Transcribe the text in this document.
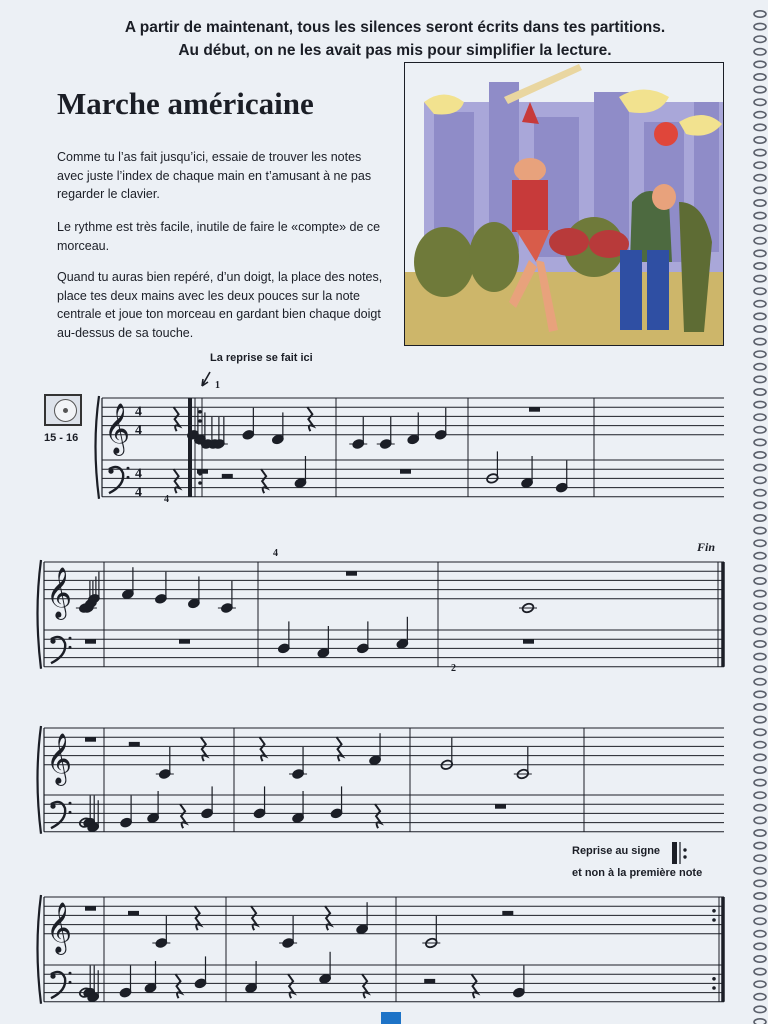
A partir de maintenant, tous les silences seront écrits dans tes partitions.
Au début, on ne les avait pas mis pour simplifier la lecture.
Marche américaine
Comme tu l’as fait jusqu’ici, essaie de trouver les notes avec juste l’index de chaque main en t’amusant à ne pas regarder le clavier.
Le rythme est très facile, inutile de faire le «compte» de ce morceau.
Quand tu auras bien repéré, d’un doigt, la place des notes, place tes deux mains avec les deux pouces sur la note centrale et joue ton morceau en gardant bien chaque doigt au-dessus de sa touche.
La reprise se fait ici
15 - 16
Fin
Reprise au signe
et non à la première note
𝄞 4
4
4
4
𝄞
𝄞
𝄞
1
4
4
2
